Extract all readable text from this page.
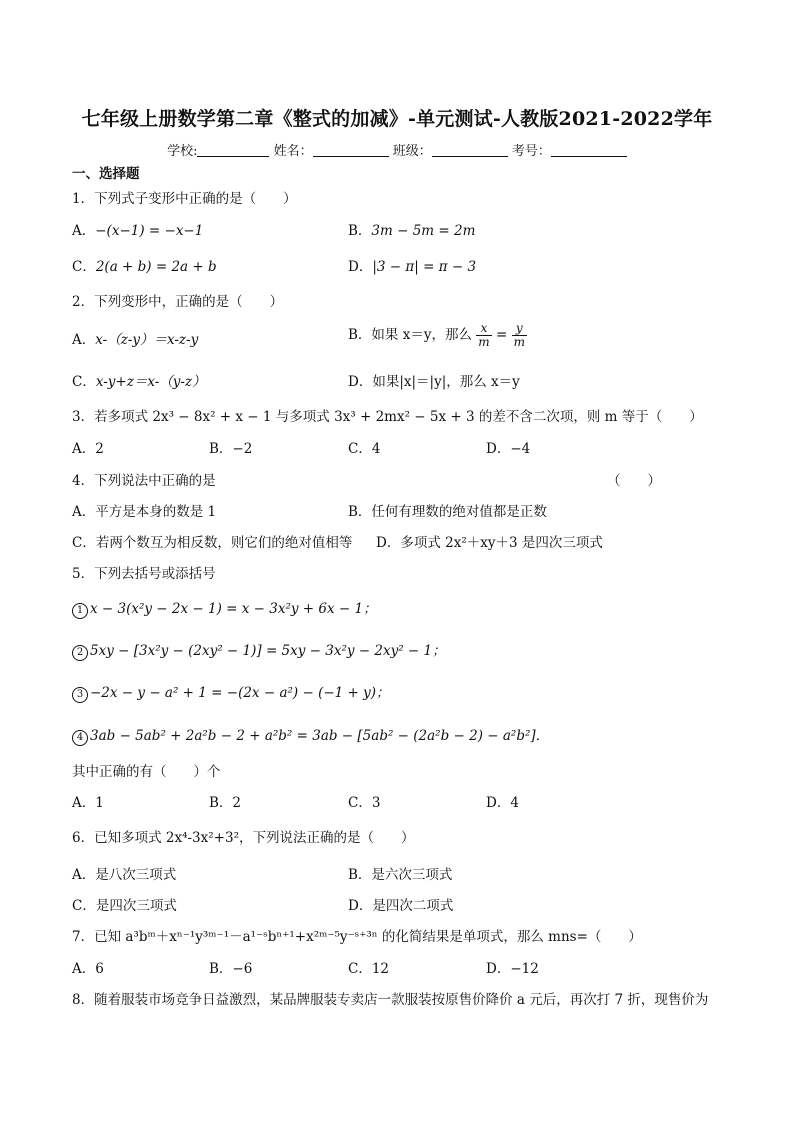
七年级上册数学第二章《整式的加减》-单元测试-人教版2021-2022学年
学校:	姓名：	班级：	考号：
一、选择题
1．下列式子变形中正确的是（　　）
A．−(x−1) = −x−1	B．3m − 5m = 2m
C．2(a + b) = 2a + b	D．|3 − π| = π − 3
2．下列变形中，正确的是（　　）
A．x-（z-y）＝x-z-y	B．如果 x＝y，那么 $\frac{x}{m} = \frac{y}{m}$
C．x-y+z＝x-（y-z）	D．如果|x|＝|y|，那么 x＝y
3．若多项式 2x³ − 8x² + x − 1 与多项式 3x³ + 2mx² − 5x + 3 的差不含二次项，则 m 等于（　　）
A．2	B．−2	C．4	D．−4
4．下列说法中正确的是	（　　）
A．平方是本身的数是 1	B．任何有理数的绝对值都是正数
C．若两个数互为相反数，则它们的绝对值相等 D．多项式 2x²＋xy＋3 是四次三项式
5．下列去括号或添括号
1 x − 3(x²y − 2x − 1) = x − 3x²y + 6x − 1；
2 5xy − [3x²y − (2xy² − 1)] = 5xy − 3x²y − 2xy² − 1；
3 −2x − y − a² + 1 = −(2x − a²) − (−1 + y)；
4 3ab − 5ab² + 2a²b − 2 + a²b² = 3ab − [5ab² − (2a²b − 2) − a²b²]．
其中正确的有（　　）个
A．1	B．2	C．3	D．4
6．已知多项式 2x⁴-3x²+3²，下列说法正确的是（　　）
A．是八次三项式	B．是六次三项式
C．是四次三项式	D．是四次二项式
7．已知 a³bᵐ＋xⁿ⁻¹y³ᵐ⁻¹－a¹⁻ˢbⁿ⁺¹+x²ᵐ⁻⁵y⁻ˢ⁺³ⁿ 的化简结果是单项式，那么 mns=（　　）
A．6	B．−6	C．12	D．−12
8．随着服装市场竞争日益激烈，某品牌服装专卖店一款服装按原售价降价 a 元后，再次打 7 折，现售价为
